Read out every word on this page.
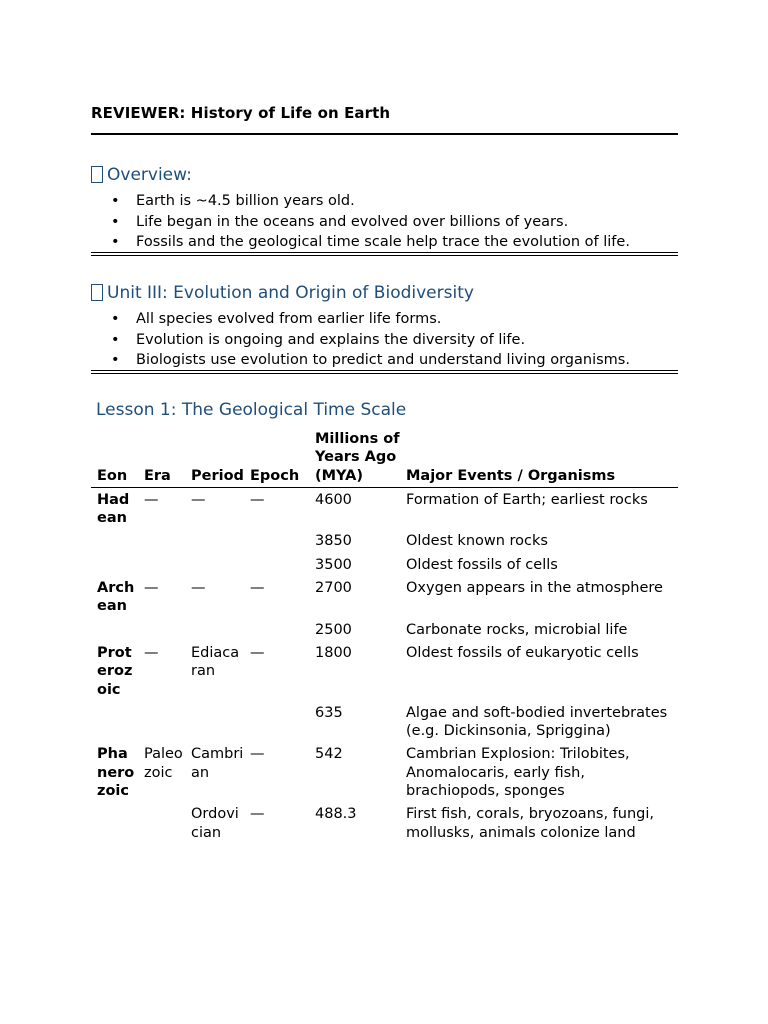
REVIEWER: History of Life on Earth
Overview:
• Earth is ~4.5 billion years old.
• Life began in the oceans and evolved over billions of years.
• Fossils and the geological time scale help trace the evolution of life.
Unit III: Evolution and Origin of Biodiversity
• All species evolved from earlier life forms.
• Evolution is ongoing and explains the diversity of life.
• Biologists use evolution to predict and understand living organisms.
Lesson 1: The Geological Time Scale
Eon	Era	Period	Epoch	Millions of Years Ago (MYA)	Major Events / Organisms
Hadean	—	—	—	4600	Formation of Earth; earliest rocks
				3850	Oldest known rocks
				3500	Oldest fossils of cells
Archean	—	—	—	2700	Oxygen appears in the atmosphere
				2500	Carbonate rocks, microbial life
Proterozoic	—	Ediacaran	—	1800	Oldest fossils of eukaryotic cells
				635	Algae and soft-bodied invertebrates (e.g. Dickinsonia, Spriggina)
Phanerozoic	Paleozoic	Cambrian	—	542	Cambrian Explosion: Trilobites, Anomalocaris, early fish, brachiopods, sponges
		Ordovician	—	488.3	First fish, corals, bryozoans, fungi, mollusks, animals colonize land
